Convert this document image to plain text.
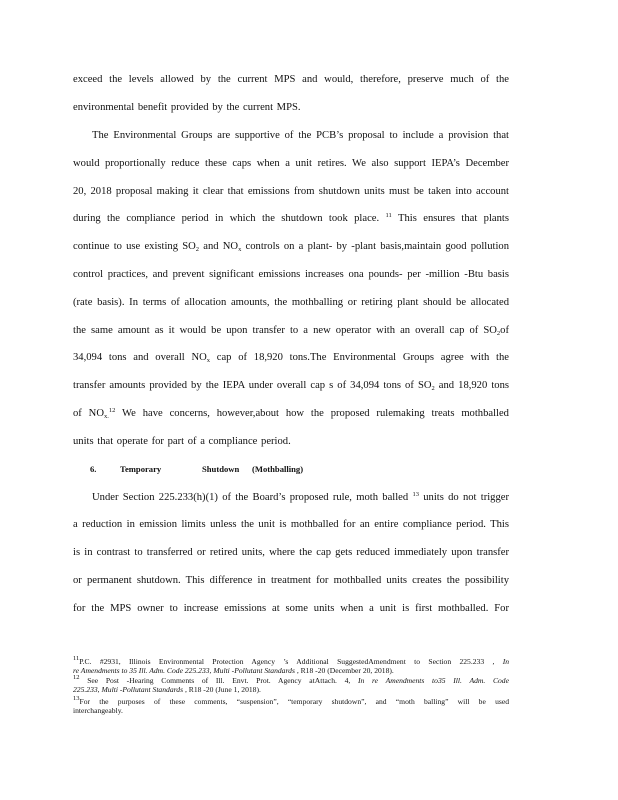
exceed the levels allowed by the current MPS and would, therefore, preserve much of the
environmental benefit provided by the current MPS.
The Environmental Groups are supportive of the PCB’s proposal to include a provision that
would proportionally reduce these caps when a unit retires. We also support IEPA’s December
20, 2018 proposal making it clear that emissions from shutdown units must be taken into account
during the compliance period in which the shutdown took place. $^{11}$ This ensures that plants
continue to use existing $SO_2$ and $NO_x$ controls on a plant- by -plant basis,maintain good pollution
control practices, and prevent significant emissions increases ona pounds- per -million -Btu basis
(rate basis). In terms of allocation amounts, the mothballing or retiring plant should be allocated
the same amount as it would be upon transfer to a new operator with an overall cap of $SO_2of$
34,094 tons and overall $NO_x$ cap of 18,920 tons.The Environmental Groups agree with the
transfer amounts provided by the IEPA under overall cap s of 34,094 tons of $SO_2$ and 18,920 tons
of $NO_{x.}^{12}$ We have concerns, however,about how the proposed rulemaking treats mothballed
units that operate for part of a compliance period.
6.	Temporary	Shutdown (Mothballing)
Under Section 225.233(h)(1) of the Board’s proposed rule, moth balled $^{13}$ units do not trigger
a reduction in emission limits unless the unit is mothballed for an entire compliance period. This
is in contrast to transferred or retired units, where the cap gets reduced immediately upon transfer
or permanent shutdown. This difference in treatment for mothballed units creates the possibility
for the MPS owner to increase emissions at some units when a unit is first mothballed. For
$^{11}$P.C. #2931, Illinois Environmental Protection Agency ’s Additional SuggestedAmendment to Section 225.233 , In
re Amendments to 35 Ill. Adm. Code 225.233, Multi -Pollutant Standards , R18 -20 (December 20, 2018).
$^{12}$ See Post -Hearing Comments of Ill. Envt. Prot. Agency atAttach. 4, In re Amendments to35 Ill. Adm. Code
225.233, Multi -Pollutant Standards , R18 -20 (June 1, 2018).
$^{13}$For the purposes of these comments, “suspension”, “temporary shutdown”, and “moth balling” will be used
interchangeably.
